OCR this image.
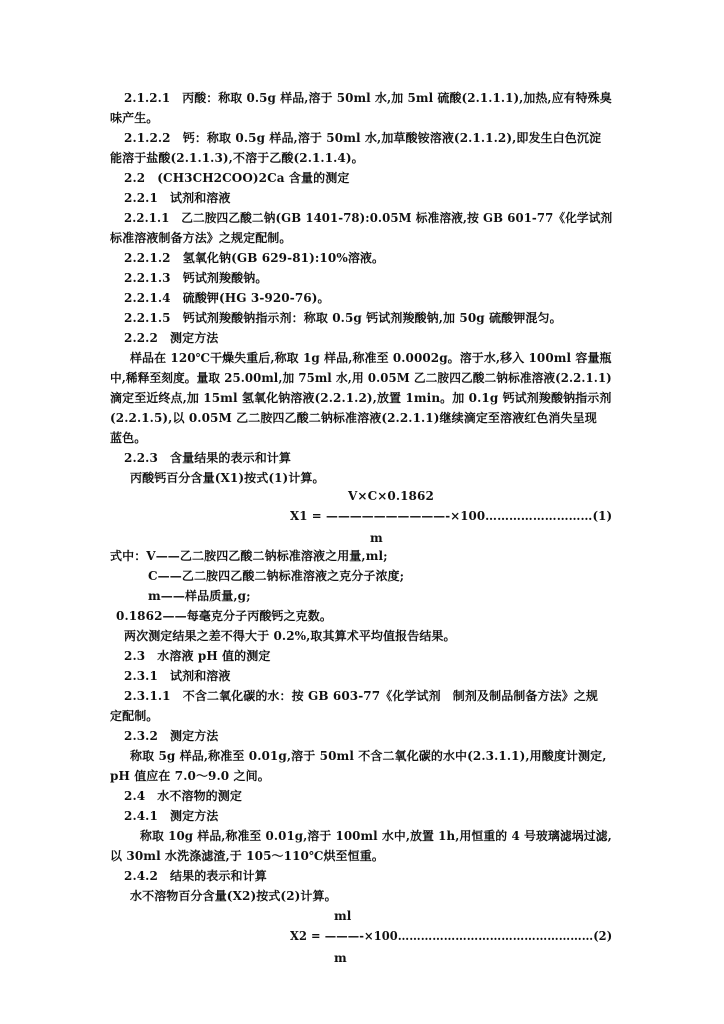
2.1.2.1　丙酸：称取 0.5g 样品,溶于 50ml 水,加 5ml 硫酸(2.1.1.1),加热,应有特殊臭
味产生。
2.1.2.2　钙：称取 0.5g 样品,溶于 50ml 水,加草酸铵溶液(2.1.1.2),即发生白色沉淀
能溶于盐酸(2.1.1.3),不溶于乙酸(2.1.1.4)。
2.2　(CH3CH2COO)2Ca 含量的测定
2.2.1　试剂和溶液
2.2.1.1　乙二胺四乙酸二钠(GB 1401-78):0.05M 标准溶液,按 GB 601-77《化学试剂
标准溶液制备方法》之规定配制。
2.2.1.2　氢氧化钠(GB 629-81):10%溶液。
2.2.1.3　钙试剂羧酸钠。
2.2.1.4　硫酸钾(HG 3-920-76)。
2.2.1.5　钙试剂羧酸钠指示剂：称取 0.5g 钙试剂羧酸钠,加 50g 硫酸钾混匀。
2.2.2　测定方法
样品在 120℃干燥失重后,称取 1g 样品,称准至 0.0002g。溶于水,移入 100ml 容量瓶
中,稀释至刻度。量取 25.00ml,加 75ml 水,用 0.05M 乙二胺四乙酸二钠标准溶液(2.2.1.1)
滴定至近终点,加 15ml 氢氧化钠溶液(2.2.1.2),放置 1min。加 0.1g 钙试剂羧酸钠指示剂
(2.2.1.5),以 0.05M 乙二胺四乙酸二钠标准溶液(2.2.1.1)继续滴定至溶液红色消失呈现
蓝色。
2.2.3　含量结果的表示和计算
丙酸钙百分含量(X1)按式(1)计算。
V×C×0.1862
X1 = ——————————-×100………………………(1)
m
式中：V——乙二胺四乙酸二钠标准溶液之用量,ml;
C——乙二胺四乙酸二钠标准溶液之克分子浓度;
m——样品质量,g;
0.1862——每毫克分子丙酸钙之克数。
两次测定结果之差不得大于 0.2%,取其算术平均值报告结果。
2.3　水溶液 pH 值的测定
2.3.1　试剂和溶液
2.3.1.1　不含二氧化碳的水：按 GB 603-77《化学试剂　制剂及制品制备方法》之规
定配制。
2.3.2　测定方法
称取 5g 样品,称准至 0.01g,溶于 50ml 不含二氧化碳的水中(2.3.1.1),用酸度计测定,
pH 值应在 7.0～9.0 之间。
2.4　水不溶物的测定
2.4.1　测定方法
称取 10g 样品,称准至 0.01g,溶于 100ml 水中,放置 1h,用恒重的 4 号玻璃滤埚过滤,
以 30ml 水洗涤滤渣,于 105～110℃烘至恒重。
2.4.2　结果的表示和计算
水不溶物百分含量(X2)按式(2)计算。
ml
X2 = ———-×100……………………………………………(2)
m
